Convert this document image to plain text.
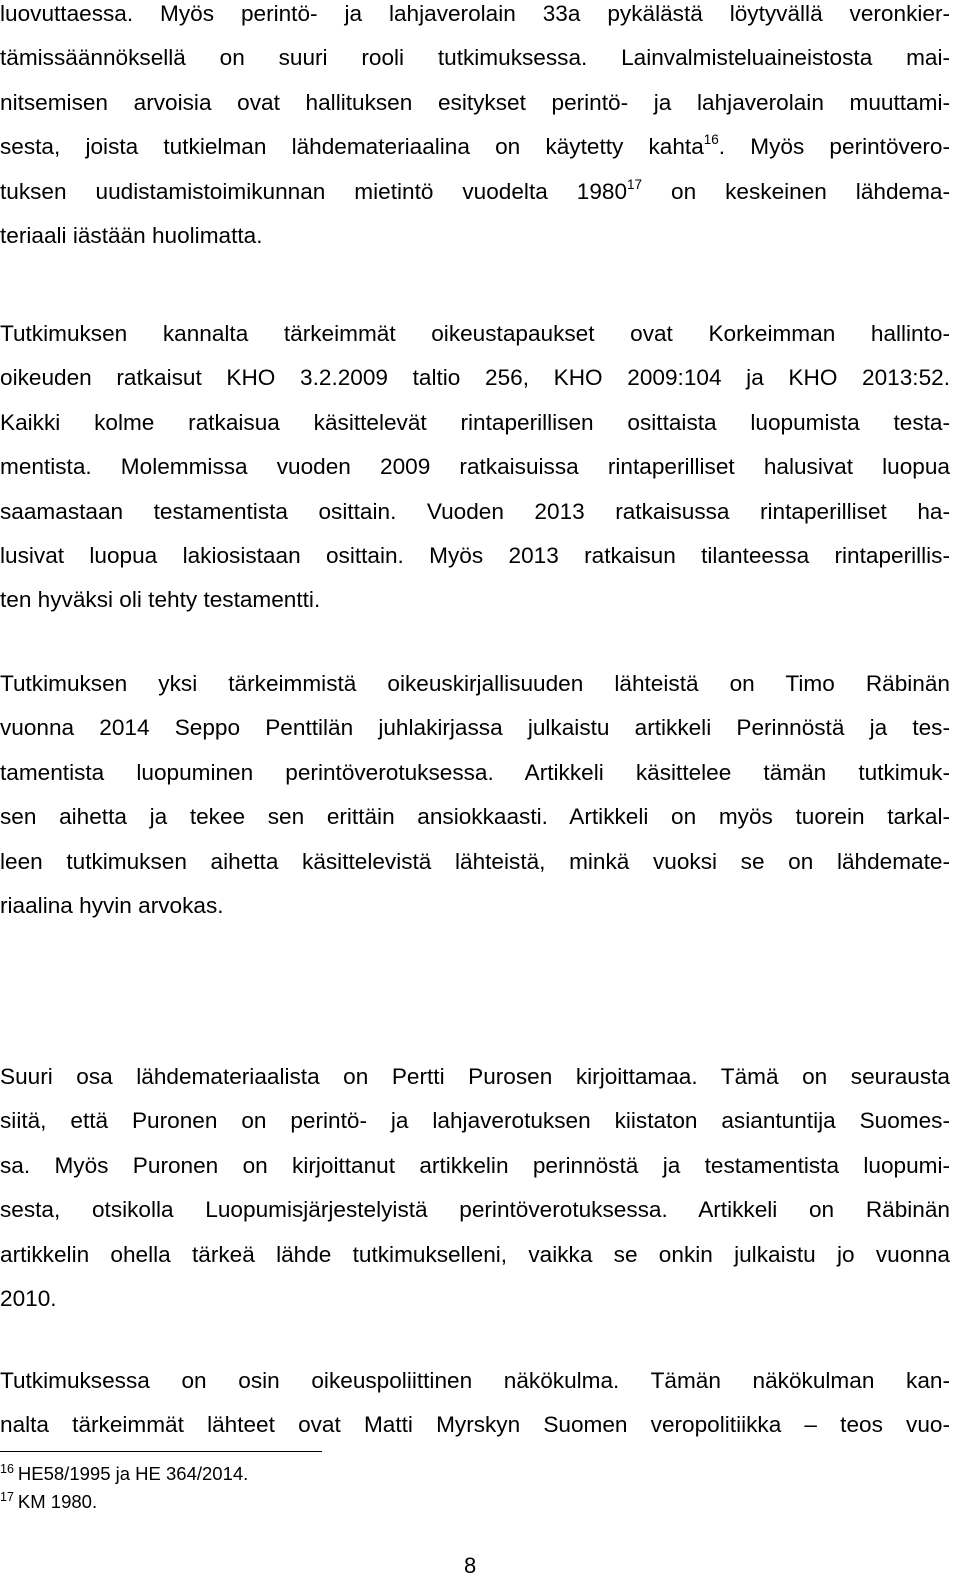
luovuttaessa. Myös perintö- ja lahjaverolain 33a pykälästä löytyvällä veronkier-
tämissäännöksellä on suuri rooli tutkimuksessa. Lainvalmisteluaineistosta mai-
nitsemisen arvoisia ovat hallituksen esitykset perintö- ja lahjaverolain muuttami-
sesta, joista tutkielman lähdemateriaalina on käytetty kahta$^{16}$. Myös perintövero-
tuksen uudistamistoimikunnan mietintö vuodelta 1980$^{17}$ on keskeinen lähdema-
teriaali iästään huolimatta.

Tutkimuksen kannalta tärkeimmät oikeustapaukset ovat Korkeimman hallinto-
oikeuden ratkaisut KHO 3.2.2009 taltio 256, KHO 2009:104 ja KHO 2013:52.
Kaikki kolme ratkaisua käsittelevät rintaperillisen osittaista luopumista testa-
mentista. Molemmissa vuoden 2009 ratkaisuissa rintaperilliset halusivat luopua
saamastaan testamentista osittain. Vuoden 2013 ratkaisussa rintaperilliset ha-
lusivat luopua lakiosistaan osittain. Myös 2013 ratkaisun tilanteessa rintaperillis-
ten hyväksi oli tehty testamentti.

Tutkimuksen yksi tärkeimmistä oikeuskirjallisuuden lähteistä on Timo Räbinän
vuonna 2014 Seppo Penttilän juhlakirjassa julkaistu artikkeli Perinnöstä ja tes-
tamentista luopuminen perintöverotuksessa. Artikkeli käsittelee tämän tutkimuk-
sen aihetta ja tekee sen erittäin ansiokkaasti. Artikkeli on myös tuorein tarkal-
leen tutkimuksen aihetta käsittelevistä lähteistä, minkä vuoksi se on lähdemate-
riaalina hyvin arvokas.

Suuri osa lähdemateriaalista on Pertti Purosen kirjoittamaa. Tämä on seurausta
siitä, että Puronen on perintö- ja lahjaverotuksen kiistaton asiantuntija Suomes-
sa. Myös Puronen on kirjoittanut artikkelin perinnöstä ja testamentista luopumi-
sesta, otsikolla Luopumisjärjestelyistä perintöverotuksessa. Artikkeli on Räbinän
artikkelin ohella tärkeä lähde tutkimukselleni, vaikka se onkin julkaistu jo vuonna
2010.

Tutkimuksessa on osin oikeuspoliittinen näkökulma. Tämän näkökulman kan-
nalta tärkeimmät lähteet ovat Matti Myrskyn Suomen veropolitiikka – teos vuo-

$^{16}$ HE58/1995 ja HE 364/2014.
$^{17}$ KM 1980.
8
